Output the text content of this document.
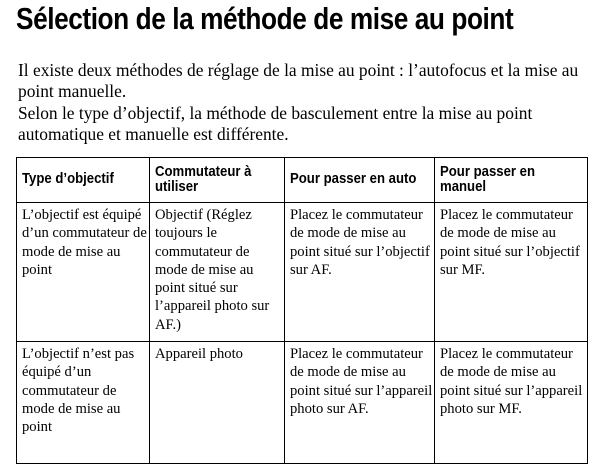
Sélection de la méthode de mise au point

Il existe deux méthodes de réglage de la mise au point : l’autofocus et la mise au point manuelle.

Selon le type d’objectif, la méthode de basculement entre la mise au point automatique et manuelle est différente.

Type d’objectif	Commutateur à utiliser	Pour passer en auto	Pour passer en manuel
L’objectif est équipé d’un commutateur de mode de mise au point	Objectif (Réglez toujours le commutateur de mode de mise au point situé sur l’appareil photo sur AF.)	Placez le commutateur de mode de mise au point situé sur l’objectif sur AF.	Placez le commutateur de mode de mise au point situé sur l’objectif sur MF.
L’objectif n’est pas équipé d’un commutateur de mode de mise au point	Appareil photo	Placez le commutateur de mode de mise au point situé sur l’appareil photo sur AF.	Placez le commutateur de mode de mise au point situé sur l’appareil photo sur MF.
